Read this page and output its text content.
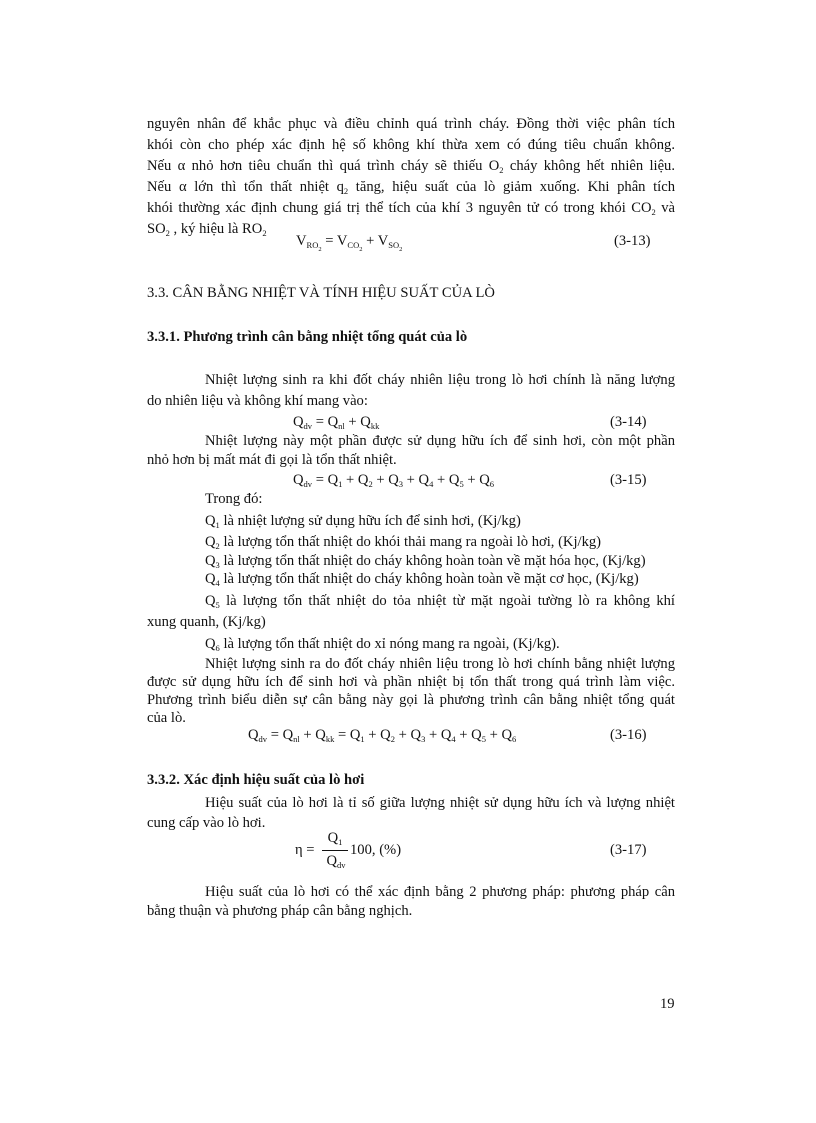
nguyên nhân để khắc phục và điều chỉnh quá trình cháy. Đồng thời việc phân tích
khói còn cho phép xác định hệ số không khí thừa xem có đúng tiêu chuẩn không.
Nếu α nhỏ hơn tiêu chuẩn thì quá trình cháy sẽ thiếu $O_2$ cháy không hết nhiên liệu.
Nếu α lớn thì tổn thất nhiệt $q_2$ tăng, hiệu suất của lò giảm xuống. Khi phân tích
khói thường xác định chung giá trị thể tích của khí 3 nguyên tử có trong khói $CO_2$ và
$SO_2$ , ký hiệu là $RO_2$ $V_{RO2} = V_{CO2} + V_{SO2}$
(3-13)
3.3. CÂN BẰNG NHIỆT VÀ TÍNH HIỆU SUẤT CỦA LÒ
3.3.1. Phương trình cân bằng nhiệt tổng quát của lò
Nhiệt lượng sinh ra khi đốt cháy nhiên liệu trong lò hơi chính là năng lượng
do nhiên liệu và không khí mang vào:
$Q_{dv} = Q_{nl} + Q_{kk}$	(3-14)
Nhiệt lượng này một phần được sử dụng hữu ích để sinh hơi, còn một phần
nhỏ hơn bị mất mát đi gọi là tổn thất nhiệt.
$Q_{dv} = Q_1 + Q_2 + Q_3 + Q_4 + Q_5 + Q_6$	(3-15)
Trong đó:
$Q_1$ là nhiệt lượng sử dụng hữu ích để sinh hơi, (Kj/kg)
$Q_2$ là lượng tổn thất nhiệt do khói thải mang ra ngoài lò hơi, (Kj/kg)
$Q_3$ là lượng tổn thất nhiệt do cháy không hoàn toàn về mặt hóa học, (Kj/kg)
$Q_4$ là lượng tổn thất nhiệt do cháy không hoàn toàn về mặt cơ học, (Kj/kg)
$Q_5$ là lượng tổn thất nhiệt do tỏa nhiệt từ mặt ngoài tường lò ra không khí
xung quanh, (Kj/kg)
$Q_6$ là lượng tổn thất nhiệt do xỉ nóng mang ra ngoài, (Kj/kg).
Nhiệt lượng sinh ra do đốt cháy nhiên liệu trong lò hơi chính bằng nhiệt lượng
được sử dụng hữu ích để sinh hơi và phần nhiệt bị tổn thất trong quá trình làm việc.
Phương trình biểu diễn sự cân bằng này gọi là phương trình cân bằng nhiệt tổng quát
của lò.
$Q_{dv} = Q_{nl} + Q_{kk} = Q_1 + Q_2 + Q_3 + Q_4 + Q_5 + Q_6$	(3-16)
3.3.2. Xác định hiệu suất của lò hơi
Hiệu suất của lò hơi là tỉ số giữa lượng nhiệt sử dụng hữu ích và lượng nhiệt
cung cấp vào lò hơi.
η =
$Q_1$
$Q_{dv}$
100, (%)	(3-17)
Hiệu suất của lò hơi có thể xác định bằng 2 phương pháp: phương pháp cân
bằng thuận và phương pháp cân bằng nghịch.
19
